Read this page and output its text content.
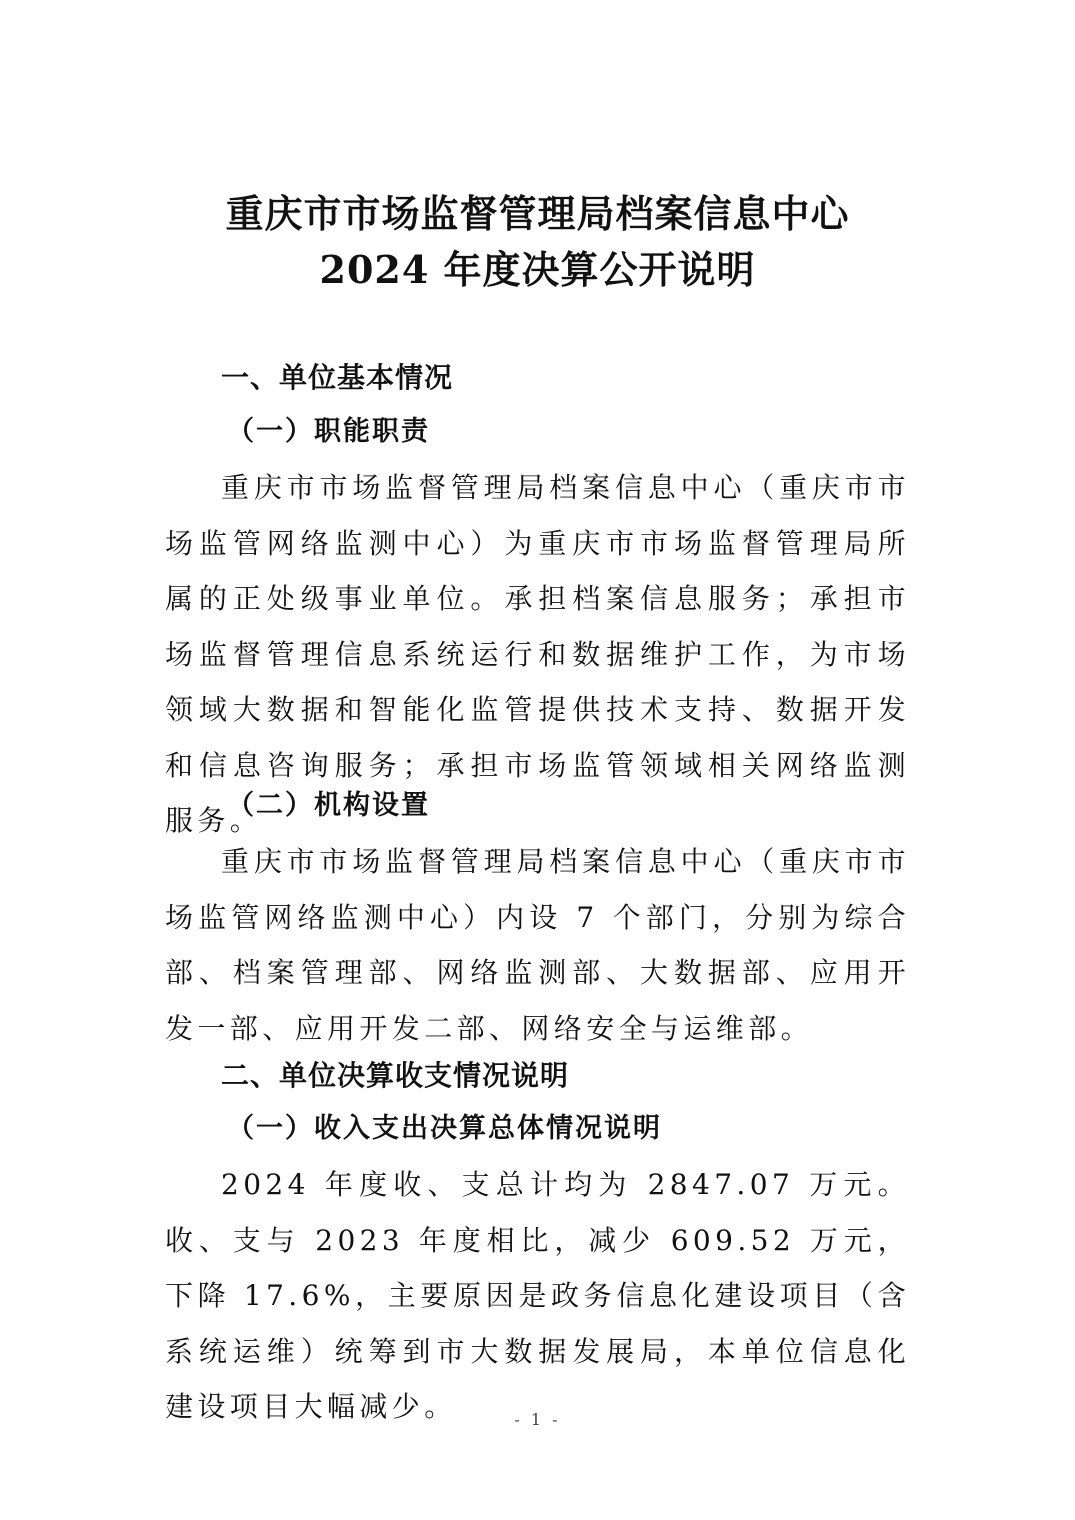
重庆市市场监督管理局档案信息中心
2024 年度决算公开说明
一、单位基本情况
（一）职能职责

重庆市市场监督管理局档案信息中心（重庆市市场监管网络监测中心）为重庆市市场监督管理局所属的正处级事业单位。承担档案信息服务；承担市场监督管理信息系统运行和数据维护工作，为市场领域大数据和智能化监管提供技术支持、数据开发和信息咨询服务；承担市场监管领域相关网络监测服务。

（二）机构设置

重庆市市场监督管理局档案信息中心（重庆市市场监管网络监测中心）内设 7 个部门，分别为综合部、档案管理部、网络监测部、大数据部、应用开发一部、应用开发二部、网络安全与运维部。

二、单位决算收支情况说明
（一）收入支出决算总体情况说明

2024 年度收、支总计均为 2847.07 万元。收、支与 2023 年度相比，减少 609.52 万元，下降 17.6%，主要原因是政务信息化建设项目（含系统运维）统筹到市大数据发展局，本单位信息化建设项目大幅减少。	- 1 -
